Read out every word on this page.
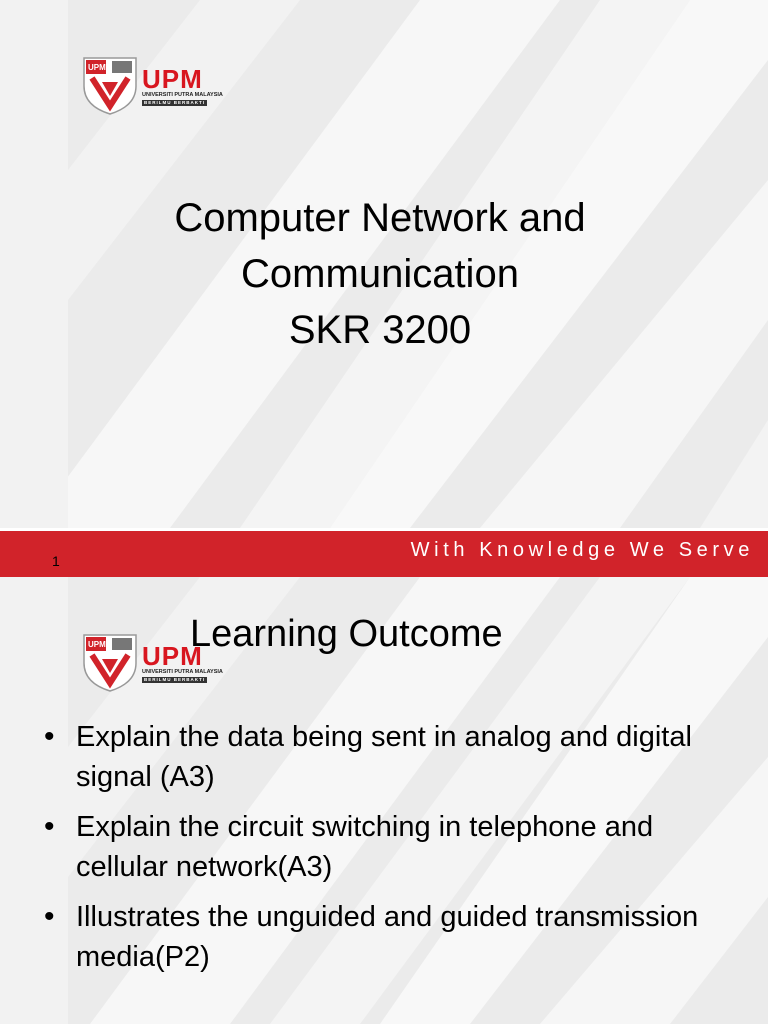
UPM UPM
UNIVERSITI PUTRA MALAYSIA
BERILMU BERBAKTI
Computer Network and
Communication
SKR 3200
With Knowledge We Serve
1
UPM UPM
UNIVERSITI PUTRA MALAYSIA
BERILMU BERBAKTI
Learning Outcome
• Explain the data being sent in analog and digital signal (A3)
• Explain the circuit switching in telephone and cellular network(A3)
• Illustrates the unguided and guided transmission media(P2)
